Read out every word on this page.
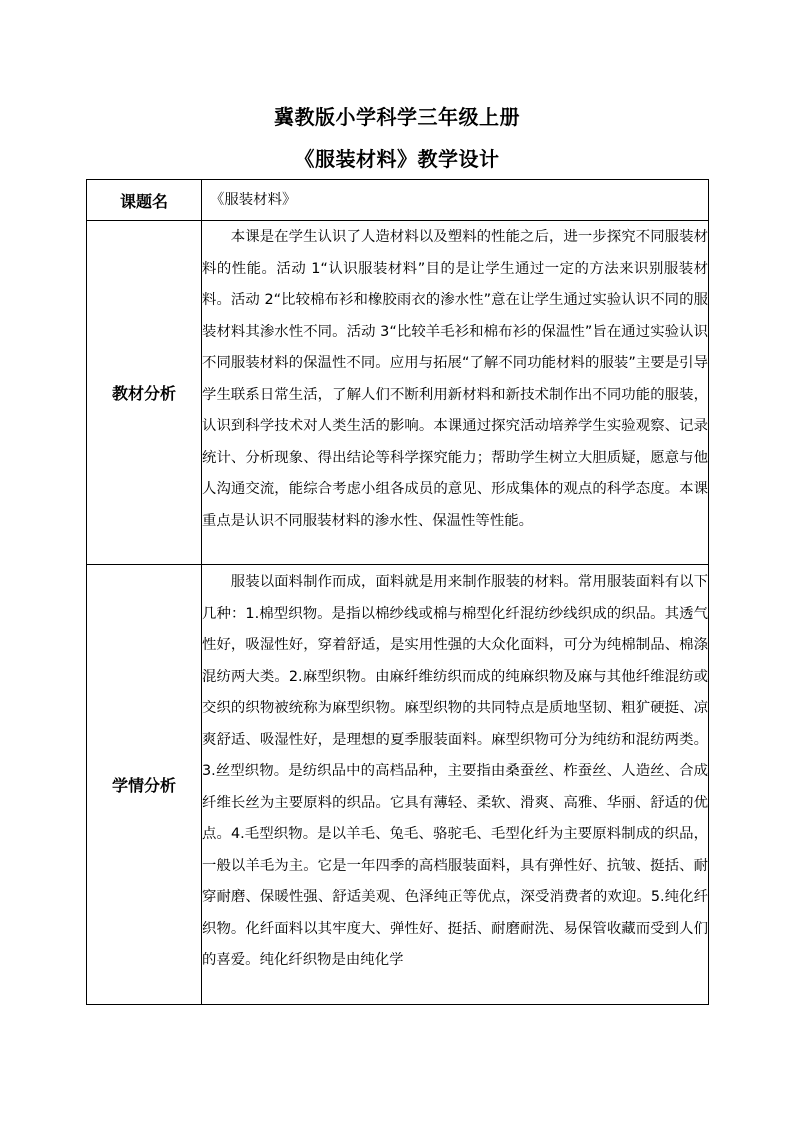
冀教版小学科学三年级上册
《服装材料》教学设计
课题名	《服装材料》
教材分析	本课是在学生认识了人造材料以及塑料的性能之后，进一步探究不同服装材料的性能。活动 1“认识服装材料”目的是让学生通过一定的方法来识别服装材料。活动 2“比较棉布衫和橡胶雨衣的渗水性”意在让学生通过实验认识不同的服装材料其渗水性不同。活动 3“比较羊毛衫和棉布衫的保温性”旨在通过实验认识不同服装材料的保温性不同。应用与拓展“了解不同功能材料的服装”主要是引导学生联系日常生活，了解人们不断利用新材料和新技术制作出不同功能的服装，认识到科学技术对人类生活的影响。本课通过探究活动培养学生实验观察、记录统计、分析现象、得出结论等科学探究能力；帮助学生树立大胆质疑，愿意与他人沟通交流，能综合考虑小组各成员的意见、形成集体的观点的科学态度。本课重点是认识不同服装材料的渗水性、保温性等性能。

学情分析	服装以面料制作而成，面料就是用来制作服装的材料。常用服装面料有以下几种：1.棉型织物。是指以棉纱线或棉与棉型化纤混纺纱线织成的织品。其透气性好，吸湿性好，穿着舒适，是实用性强的大众化面料，可分为纯棉制品、棉涤混纺两大类。2.麻型织物。由麻纤维纺织而成的纯麻织物及麻与其他纤维混纺或交织的织物被统称为麻型织物。麻型织物的共同特点是质地坚韧、粗犷硬挺、凉爽舒适、吸湿性好，是理想的夏季服装面料。麻型织物可分为纯纺和混纺两类。3.丝型织物。是纺织品中的高档品种，主要指由桑蚕丝、柞蚕丝、人造丝、合成纤维长丝为主要原料的织品。它具有薄轻、柔软、滑爽、高雅、华丽、舒适的优点。4.毛型织物。是以羊毛、兔毛、骆驼毛、毛型化纤为主要原料制成的织品，一般以羊毛为主。它是一年四季的高档服装面料，具有弹性好、抗皱、挺括、耐穿耐磨、保暖性强、舒适美观、色泽纯正等优点，深受消费者的欢迎。5.纯化纤织物。化纤面料以其牢度大、弹性好、挺括、耐磨耐洗、易保管收藏而受到人们的喜爱。纯化纤织物是由纯化学
